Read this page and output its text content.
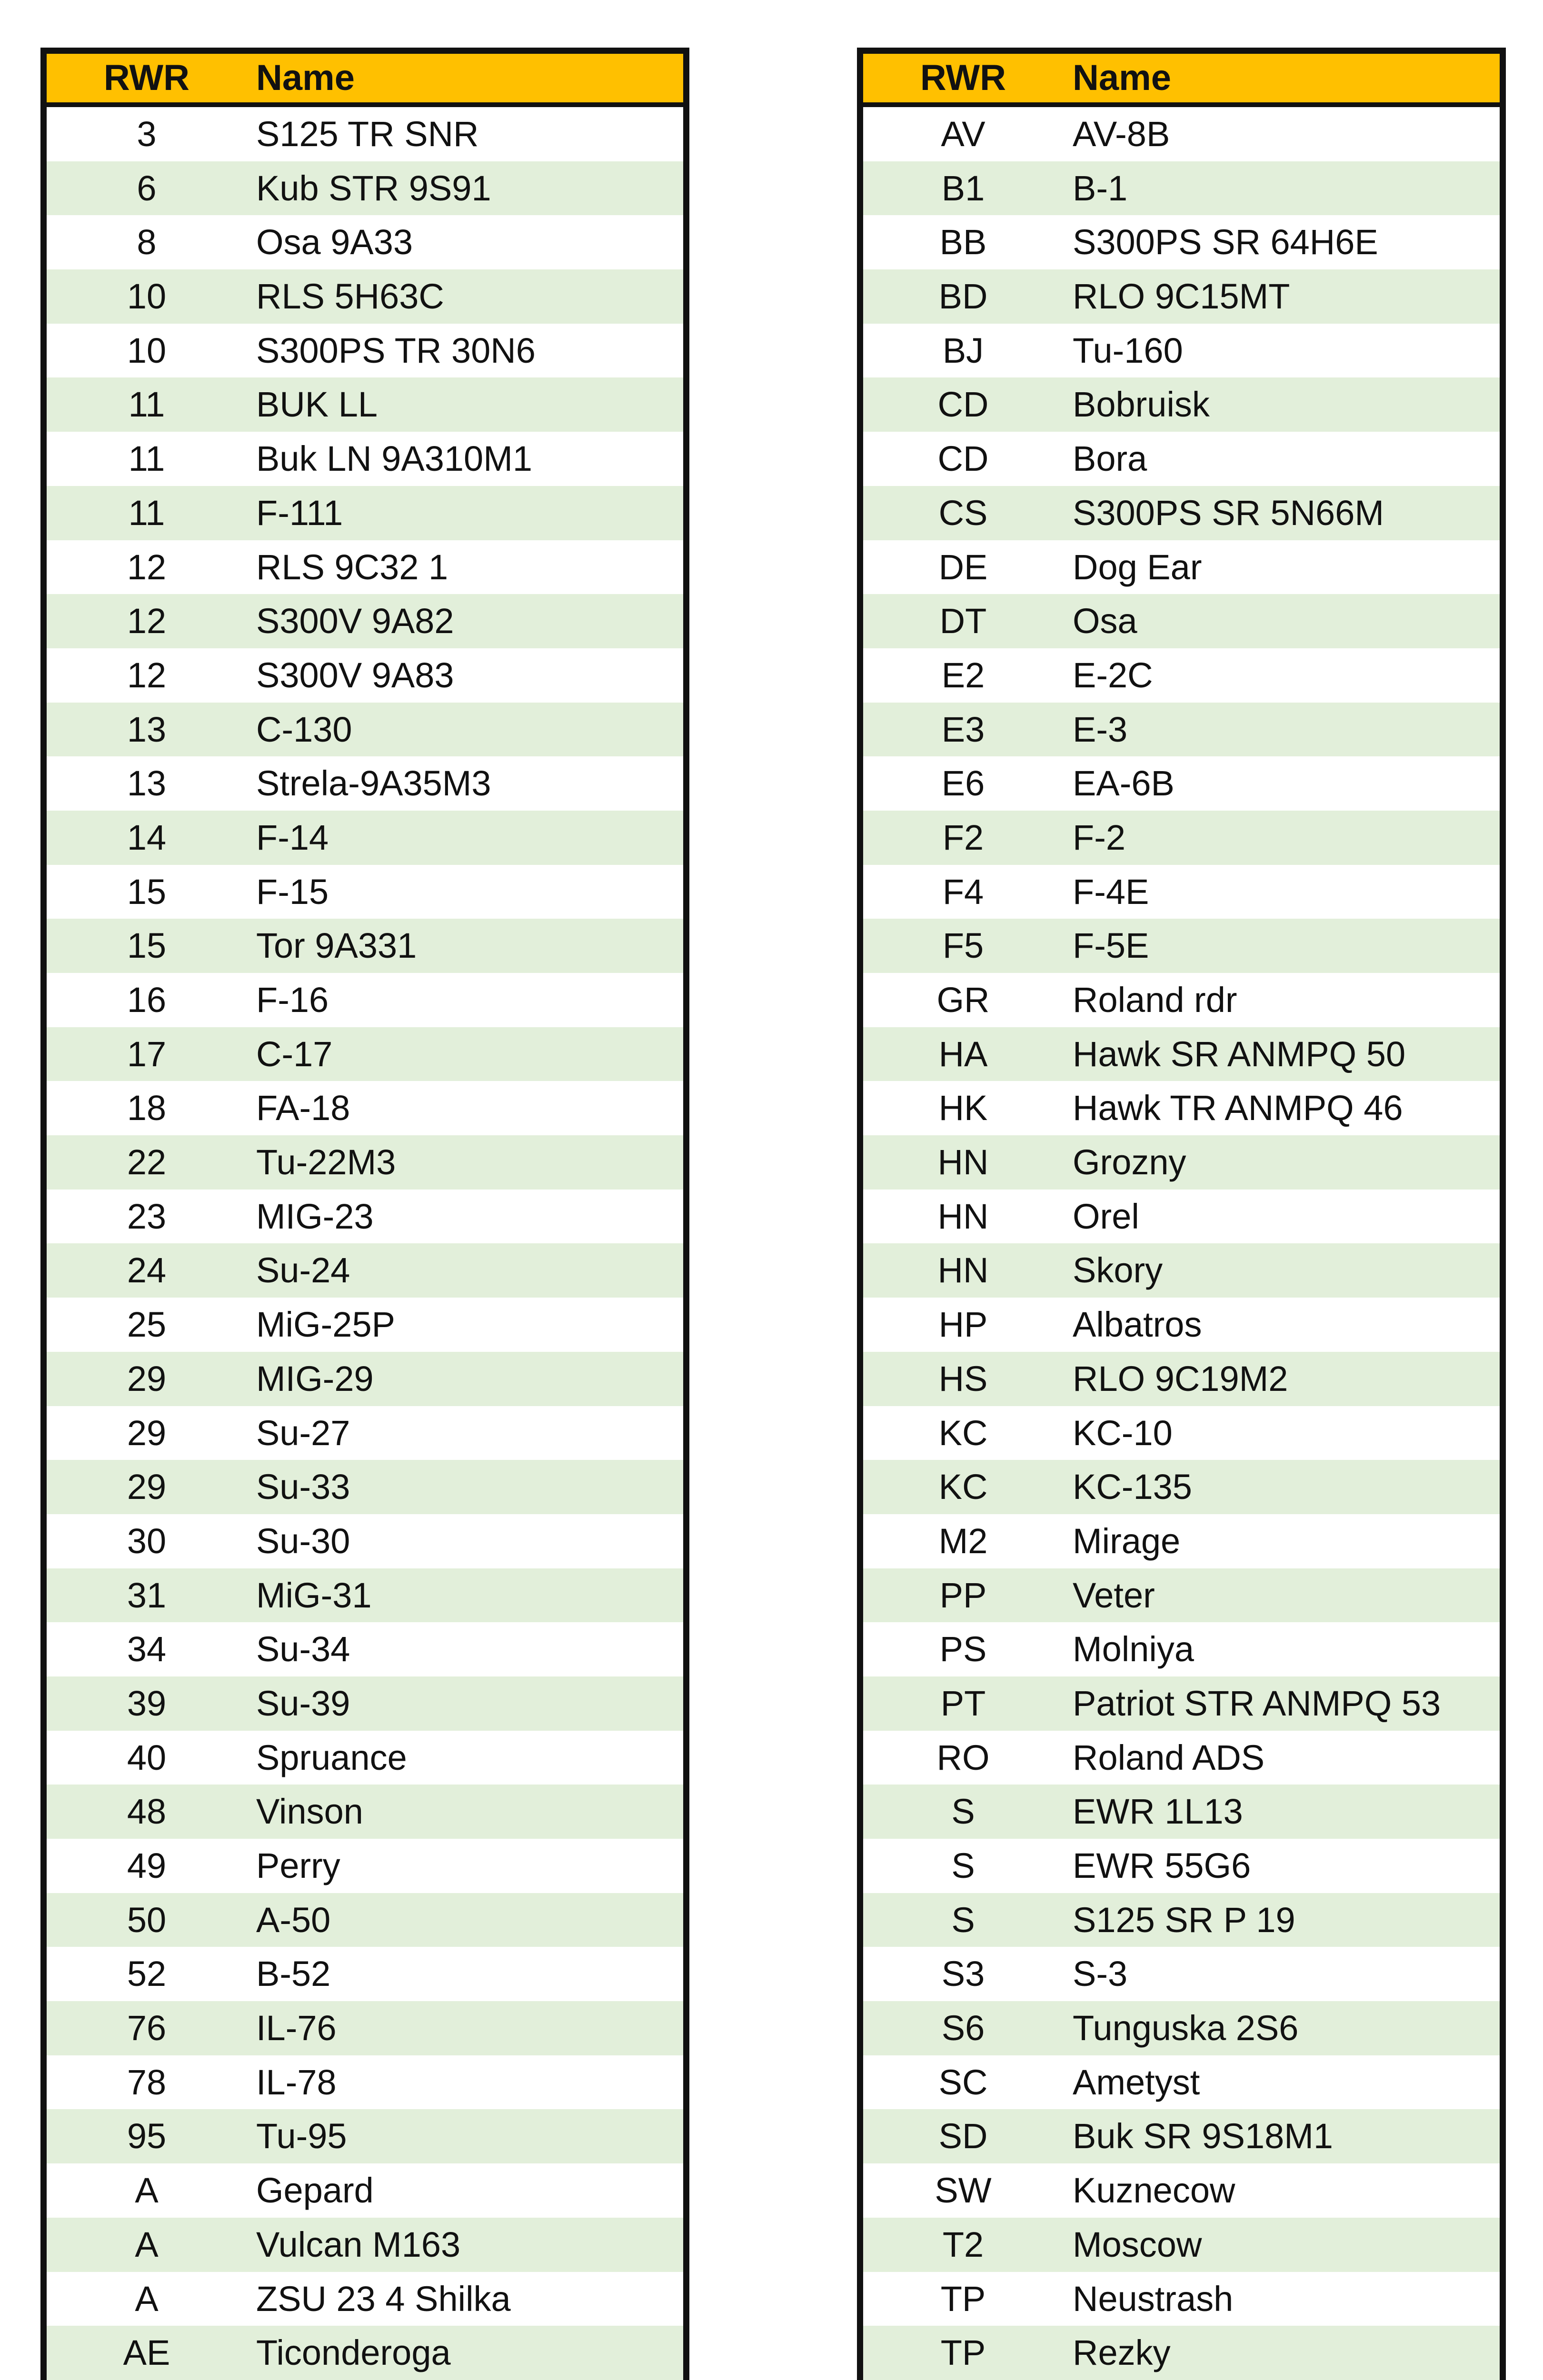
RWR	Name
3	S125 TR SNR
6	Kub STR 9S91
8	Osa 9A33
10	RLS 5H63C
10	S300PS TR 30N6
11	BUK LL
11	Buk LN 9A310M1
11	F-111
12	RLS 9C32 1
12	S300V 9A82
12	S300V 9A83
13	C-130
13	Strela-9A35M3
14	F-14
15	F-15
15	Tor 9A331
16	F-16
17	C-17
18	FA-18
22	Tu-22M3
23	MIG-23
24	Su-24
25	MiG-25P
29	MIG-29
29	Su-27
29	Su-33
30	Su-30
31	MiG-31
34	Su-34
39	Su-39
40	Spruance
48	Vinson
49	Perry
50	A-50
52	B-52
76	IL-76
78	IL-78
95	Tu-95
A	Gepard
A	Vulcan M163
A	ZSU 23 4 Shilka
AE	Ticonderoga
RWR	Name
AV	AV-8B
B1	B-1
BB	S300PS SR 64H6E
BD	RLO 9C15MT
BJ	Tu-160
CD	Bobruisk
CD	Bora
CS	S300PS SR 5N66M
DE	Dog Ear
DT	Osa
E2	E-2C
E3	E-3
E6	EA-6B
F2	F-2
F4	F-4E
F5	F-5E
GR	Roland rdr
HA	Hawk SR ANMPQ 50
HK	Hawk TR ANMPQ 46
HN	Grozny
HN	Orel
HN	Skory
HP	Albatros
HS	RLO 9C19M2
KC	KC-10
KC	KC-135
M2	Mirage
PP	Veter
PS	Molniya
PT	Patriot STR ANMPQ 53
RO	Roland ADS
S	EWR 1L13
S	EWR 55G6
S	S125 SR P 19
S3	S-3
S6	Tunguska 2S6
SC	Ametyst
SD	Buk SR 9S18M1
SW	Kuznecow
T2	Moscow
TP	Neustrash
TP	Rezky
